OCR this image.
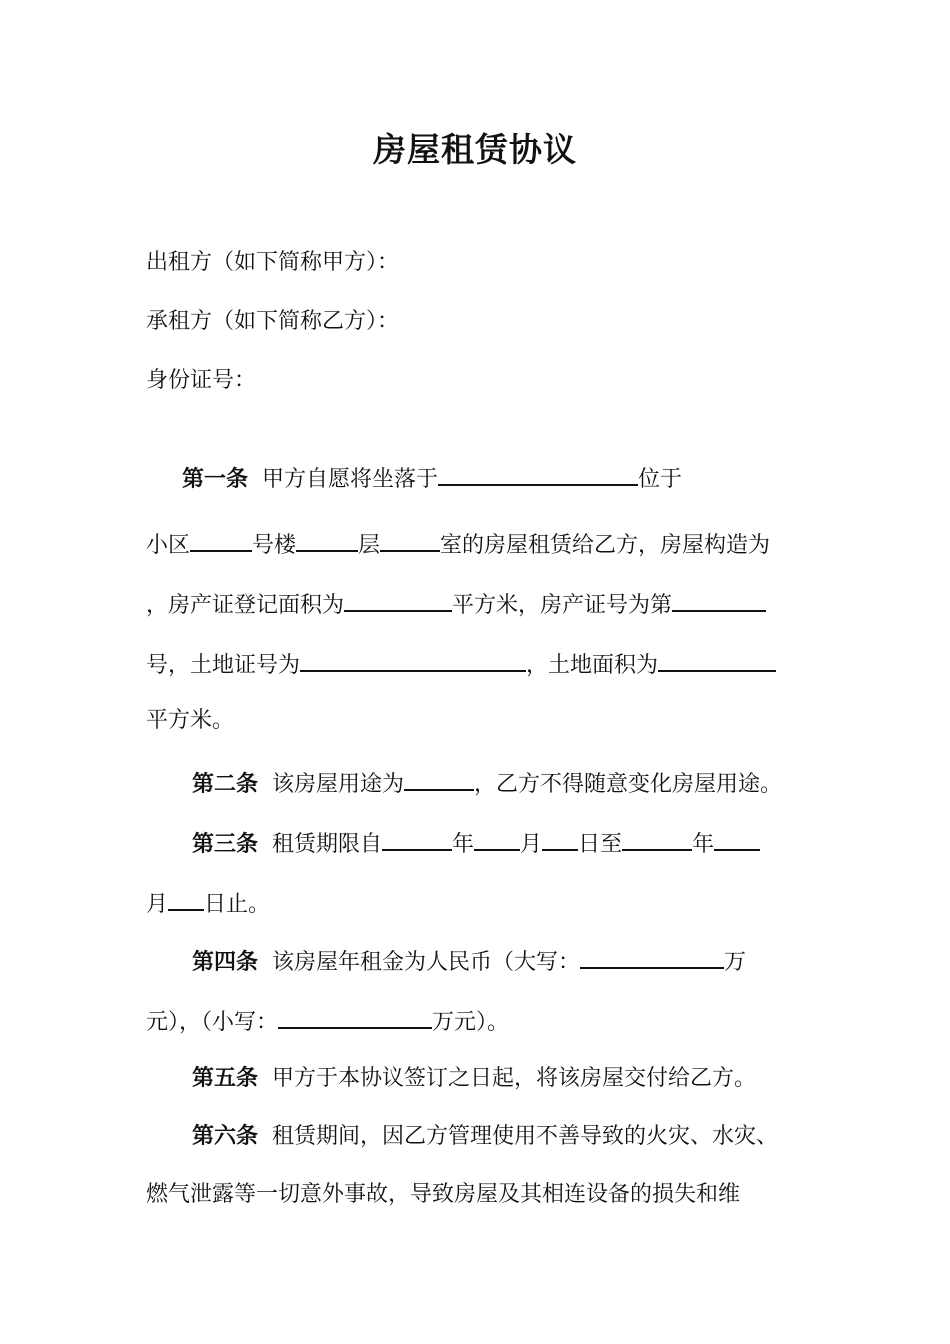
房屋租赁协议
出租方（如下简称甲方）：
承租方（如下简称乙方）：
身份证号：
第一条 甲方自愿将坐落于	位于
小区	号楼	层	室的房屋租赁给乙方，房屋构造为
，房产证登记面积为	平方米，房产证号为第
号，土地证号为	，土地面积为
平方米。
第二条 该房屋用途为	，乙方不得随意变化房屋用途。
第三条 租赁期限自	年 月 日至	年
月 日止。
第四条 该房屋年租金为人民币（大写：	万
元），（小写：	万元）。
第五条 甲方于本协议签订之日起，将该房屋交付给乙方。
第六条 租赁期间，因乙方管理使用不善导致的火灾、水灾、
燃气泄露等一切意外事故，导致房屋及其相连设备的损失和维
